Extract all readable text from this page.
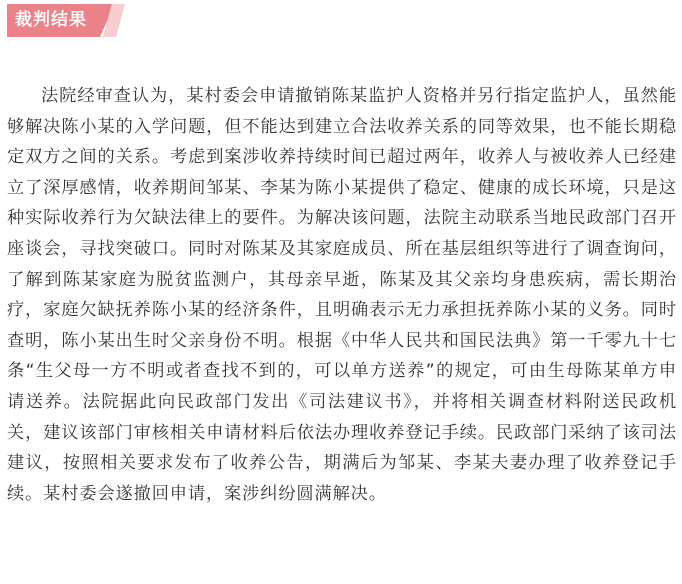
裁判结果

法院经审查认为，某村委会申请撤销陈某监护人资格并另行指定监护人，虽然能够解决陈小某的入学问题，但不能达到建立合法收养关系的同等效果，也不能长期稳定双方之间的关系。考虑到案涉收养持续时间已超过两年，收养人与被收养人已经建立了深厚感情，收养期间邹某、李某为陈小某提供了稳定、健康的成长环境，只是这种实际收养行为欠缺法律上的要件。为解决该问题，法院主动联系当地民政部门召开座谈会，寻找突破口。同时对陈某及其家庭成员、所在基层组织等进行了调查询问，了解到陈某家庭为脱贫监测户，其母亲早逝，陈某及其父亲均身患疾病，需长期治疗，家庭欠缺抚养陈小某的经济条件，且明确表示无力承担抚养陈小某的义务。同时查明，陈小某出生时父亲身份不明。根据《中华人民共和国民法典》第一千零九十七条“生父母一方不明或者查找不到的，可以单方送养”的规定，可由生母陈某单方申请送养。法院据此向民政部门发出《司法建议书》，并将相关调查材料附送民政机关，建议该部门审核相关申请材料后依法办理收养登记手续。民政部门采纳了该司法建议，按照相关要求发布了收养公告，期满后为邹某、李某夫妻办理了收养登记手续。某村委会遂撤回申请，案涉纠纷圆满解决。
